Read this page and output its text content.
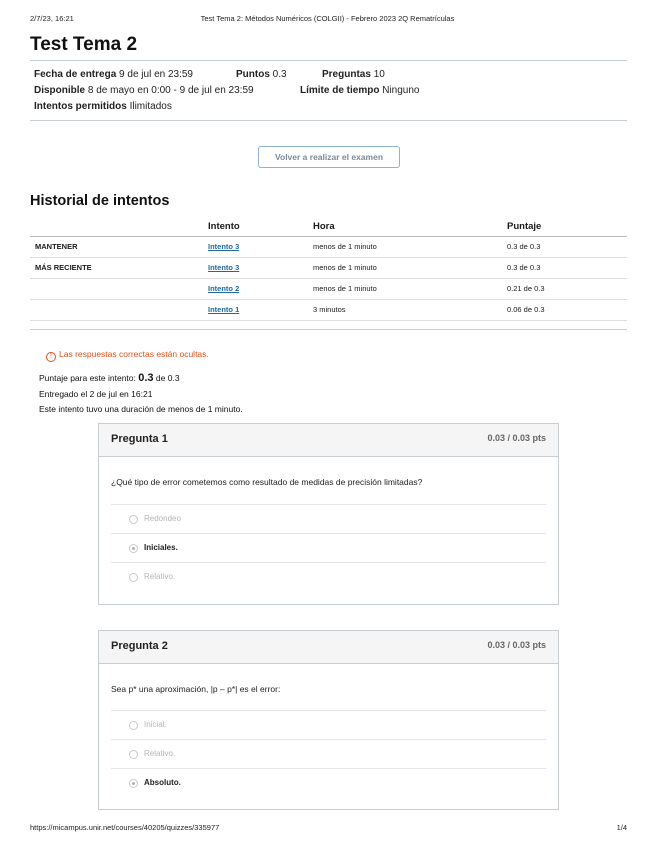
2/7/23, 16:21	Test Tema 2: Métodos Numéricos (COLGII) - Febrero 2023 2Q Rematrículas
Test Tema 2
Fecha de entrega 9 de jul en 23:59	Puntos 0.3	Preguntas 10
Disponible 8 de mayo en 0:00 - 9 de jul en 23:59	Límite de tiempo Ninguno
Intentos permitidos Ilimitados
Volver a realizar el examen
Historial de intentos
	Intento	Hora	Puntaje
MANTENER	Intento 3	menos de 1 minuto	0.3 de 0.3
MÁS RECIENTE	Intento 3	menos de 1 minuto	0.3 de 0.3
	Intento 2	menos de 1 minuto	0.21 de 0.3
	Intento 1	3 minutos	0.06 de 0.3
! Las respuestas correctas están ocultas.
Puntaje para este intento: 0.3 de 0.3
Entregado el 2 de jul en 16:21
Este intento tuvo una duración de menos de 1 minuto.
Pregunta 1	0.03 / 0.03 pts
¿Qué tipo de error cometemos como resultado de medidas de precisión limitadas?
Redondeo
Iniciales.
Relativo.
Pregunta 2	0.03 / 0.03 pts
Sea p* una aproximación, |p – p*| es el error:
Inicial.
Relativo.
Absoluto.
https://micampus.unir.net/courses/40205/quizzes/335977	1/4
